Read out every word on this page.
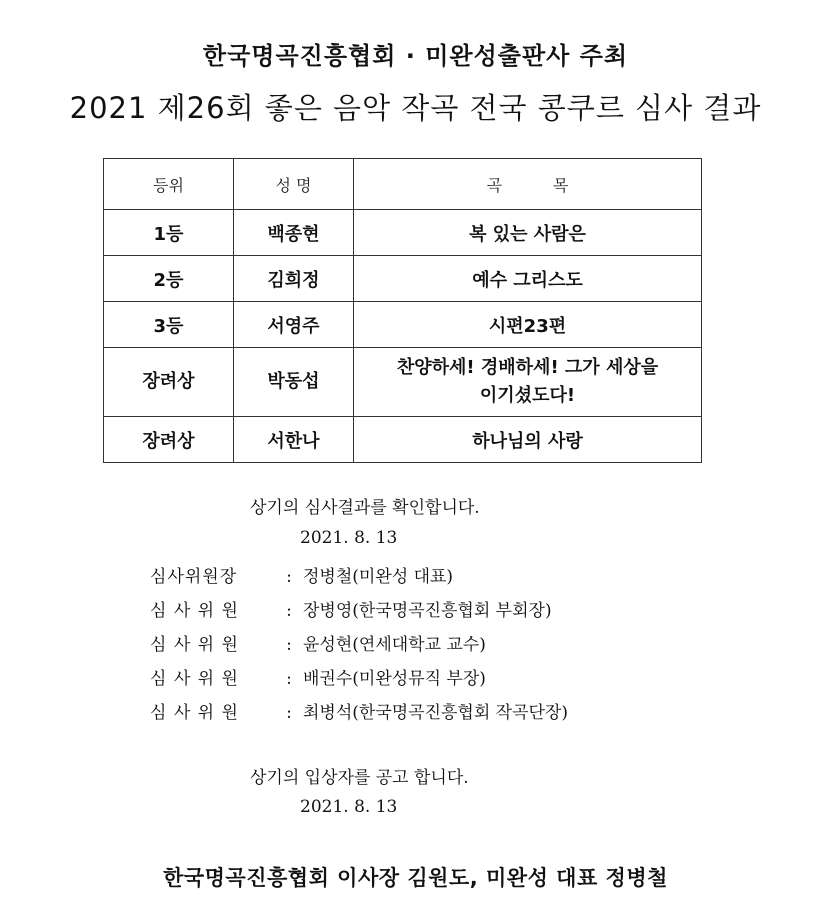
한국명곡진흥협회 · 미완성출판사 주최
2021 제26회 좋은 음악 작곡 전국 콩쿠르 심사 결과
등위	성 명	곡          목
1등	백종현	복 있는 사람은
2등	김희정	예수 그리스도
3등	서영주	시편23편
장려상	박동섭	찬양하세! 경배하세! 그가 세상을
이기셨도다!

장려상	서한나	하나님의 사랑
상기의 심사결과를 확인합니다.
2021. 8. 13
심사위원장	: 정병철(미완성 대표)
심 사 위 원	: 장병영(한국명곡진흥협회 부회장)
심 사 위 원	: 윤성현(연세대학교 교수)
심 사 위 원	: 배권수(미완성뮤직 부장)
심 사 위 원	: 최병석(한국명곡진흥협회 작곡단장)
상기의 입상자를 공고 합니다.
2021. 8. 13
한국명곡진흥협회 이사장 김원도, 미완성 대표 정병철
